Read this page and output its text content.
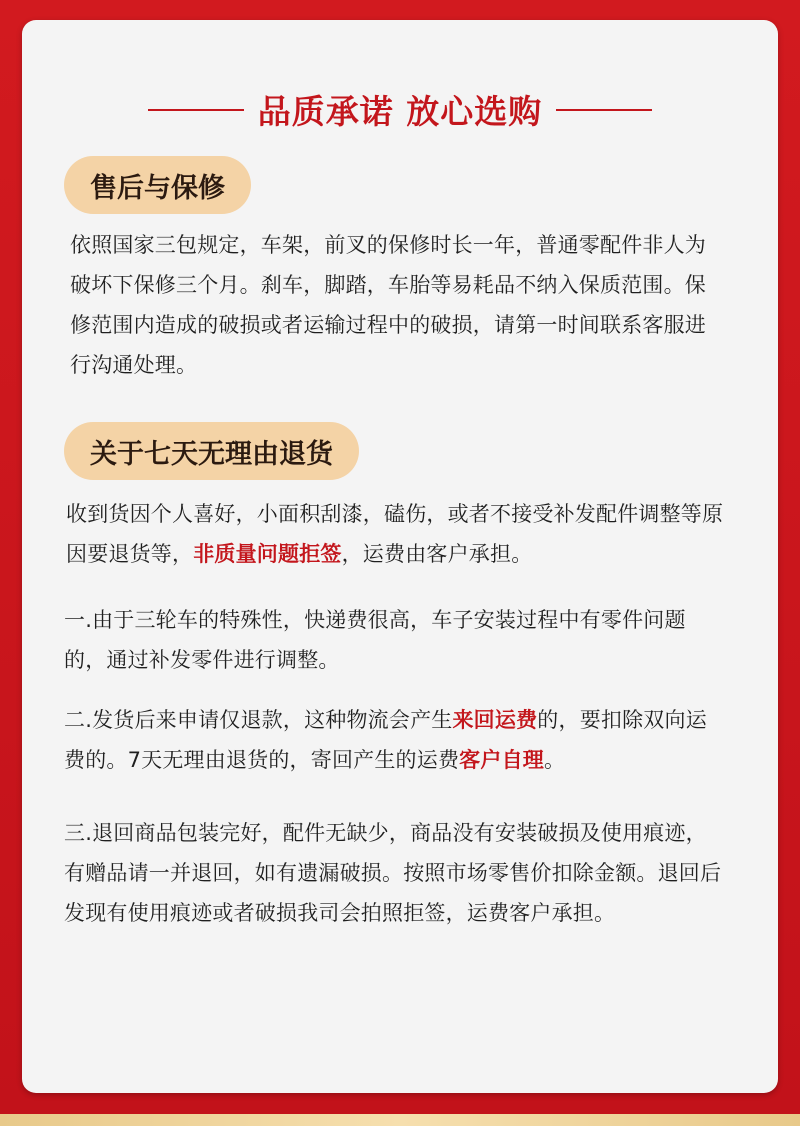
品质承诺 放心选购
售后与保修
依照国家三包规定，车架，前叉的保修时长一年，普通零配件非人为破坏下保修三个月。刹车，脚踏，车胎等易耗品不纳入保质范围。保修范围内造成的破损或者运输过程中的破损，请第一时间联系客服进行沟通处理。
关于七天无理由退货
收到货因个人喜好，小面积刮漆，磕伤，或者不接受补发配件调整等原因要退货等，非质量问题拒签，运费由客户承担。
一.由于三轮车的特殊性，快递费很高，车子安装过程中有零件问题的，通过补发零件进行调整。
二.发货后来申请仅退款，这种物流会产生来回运费的，要扣除双向运费的。7天无理由退货的，寄回产生的运费客户自理。
三.退回商品包装完好，配件无缺少，商品没有安装破损及使用痕迹，有赠品请一并退回，如有遗漏破损。按照市场零售价扣除金额。退回后发现有使用痕迹或者破损我司会拍照拒签，运费客户承担。
